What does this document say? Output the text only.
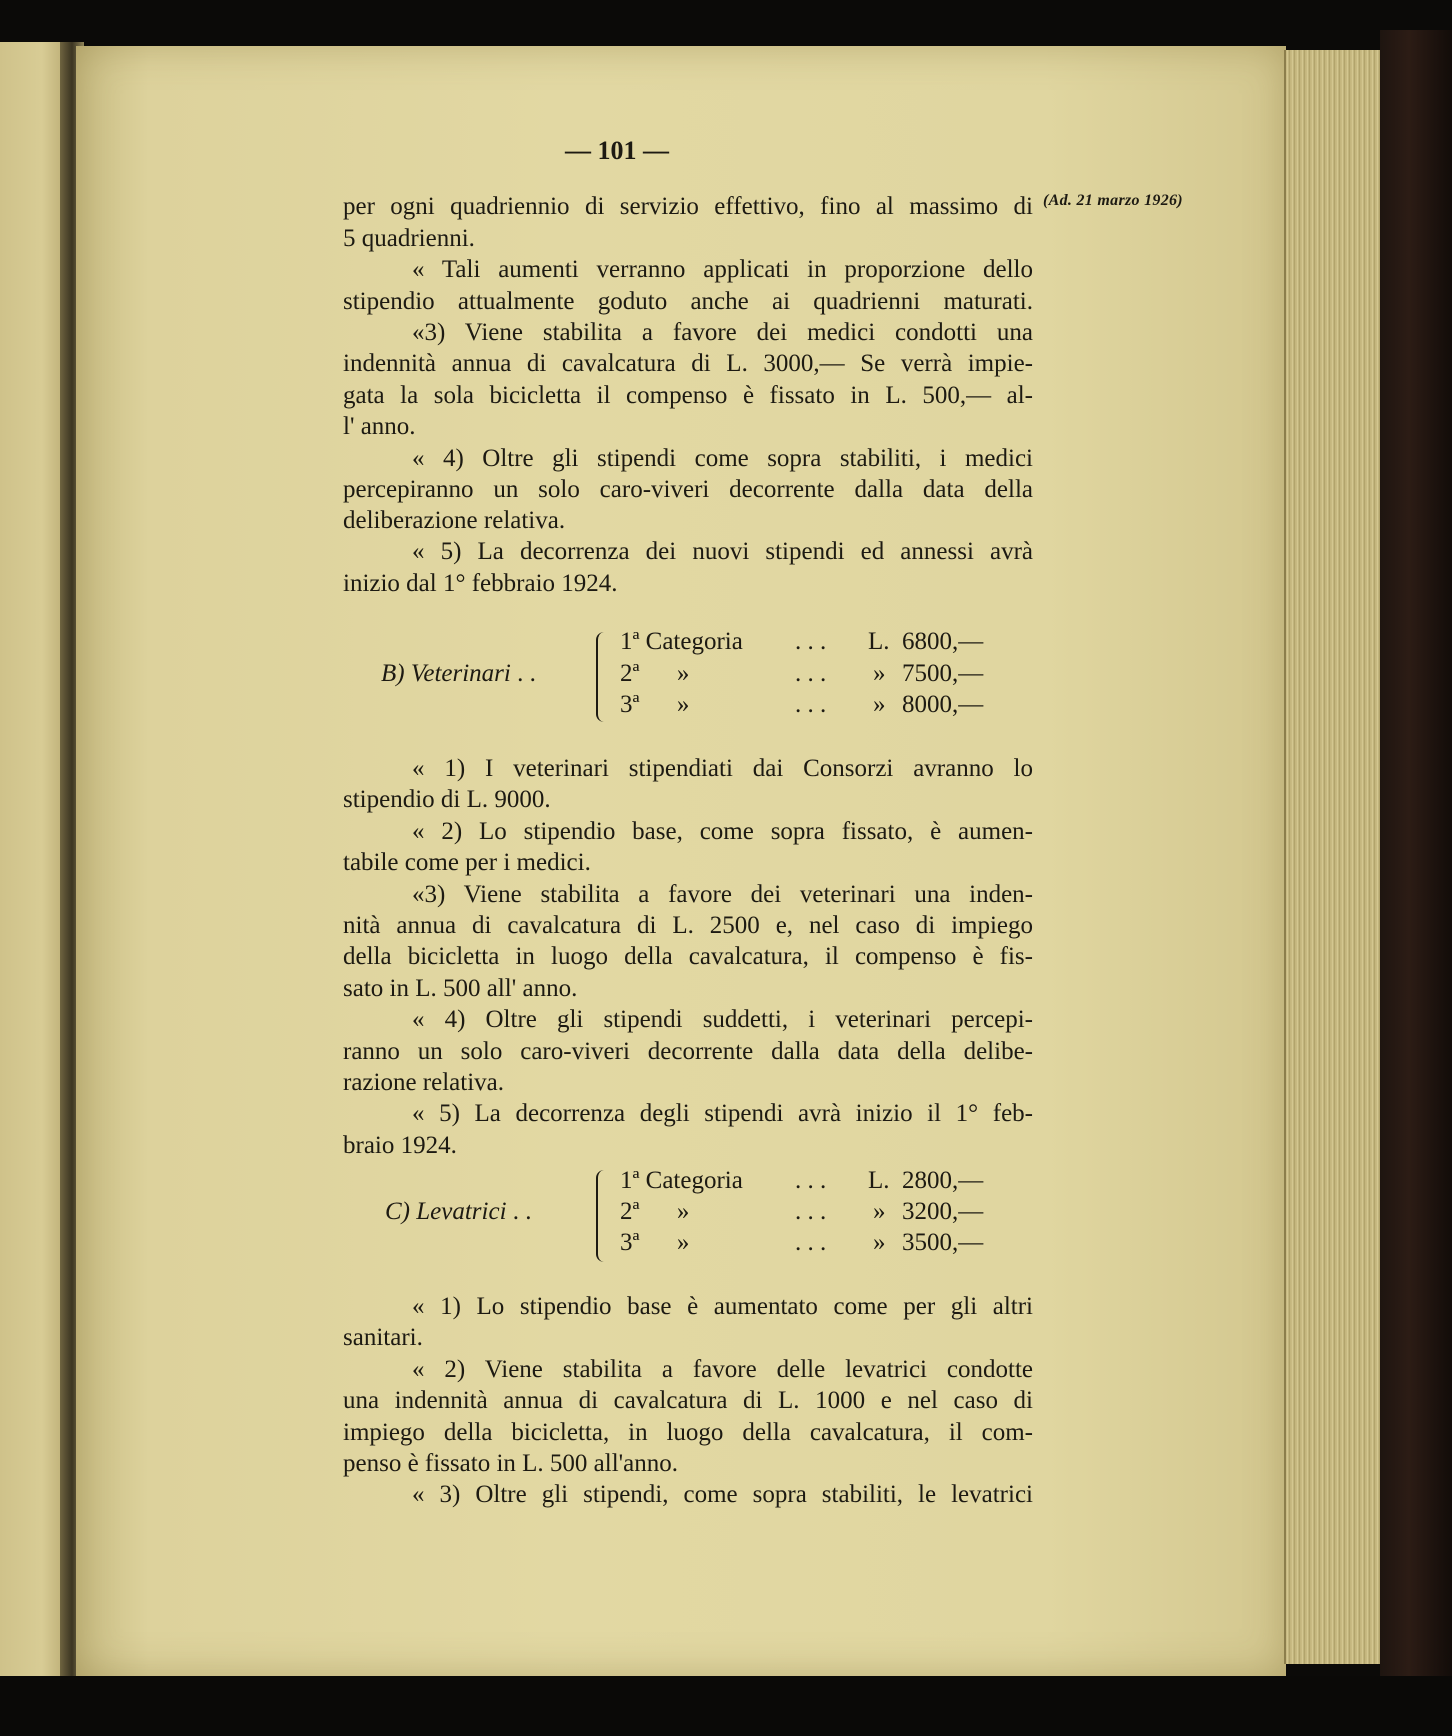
— 101 —
(Ad. 21 marzo 1926)
per ogni quadriennio di servizio effettivo, fino al massimo di
5 quadrienni.
« Tali aumenti verranno applicati in proporzione dello
stipendio attualmente goduto anche ai quadrienni maturati.
«3) Viene stabilita a favore dei medici condotti una
indennità annua di cavalcatura di L. 3000,— Se verrà impie-
gata la sola bicicletta il compenso è fissato in L. 500,— al-
l' anno.
« 4) Oltre gli stipendi come sopra stabiliti, i medici
percepiranno un solo caro-viveri decorrente dalla data della
deliberazione relativa.
« 5) La decorrenza dei nuovi stipendi ed annessi avrà
inizio dal 1° febbraio 1924.
B) Veterinari . .
1ª Categoria . . . L. 6800,—
2ª      »	. . . » 7500,—
3ª      »	. . . » 8000,—
« 1) I veterinari stipendiati dai Consorzi avranno lo
stipendio di L. 9000.
« 2) Lo stipendio base, come sopra fissato, è aumen-
tabile come per i medici.
«3) Viene stabilita a favore dei veterinari una inden-
nità annua di cavalcatura di L. 2500 e, nel caso di impiego
della bicicletta in luogo della cavalcatura, il compenso è fis-
sato in L. 500 all' anno.
« 4) Oltre gli stipendi suddetti, i veterinari percepi-
ranno un solo caro-viveri decorrente dalla data della delibe-
razione relativa.
« 5) La decorrenza degli stipendi avrà inizio il 1° feb-
braio 1924.
C) Levatrici . .
1ª Categoria . . . L. 2800,—
2ª      »	. . . » 3200,—
3ª      »	. . . » 3500,—
« 1) Lo stipendio base è aumentato come per gli altri
sanitari.
« 2) Viene stabilita a favore delle levatrici condotte
una indennità annua di cavalcatura di L. 1000 e nel caso di
impiego della bicicletta, in luogo della cavalcatura, il com-
penso è fissato in L. 500 all'anno.
« 3) Oltre gli stipendi, come sopra stabiliti, le levatrici
